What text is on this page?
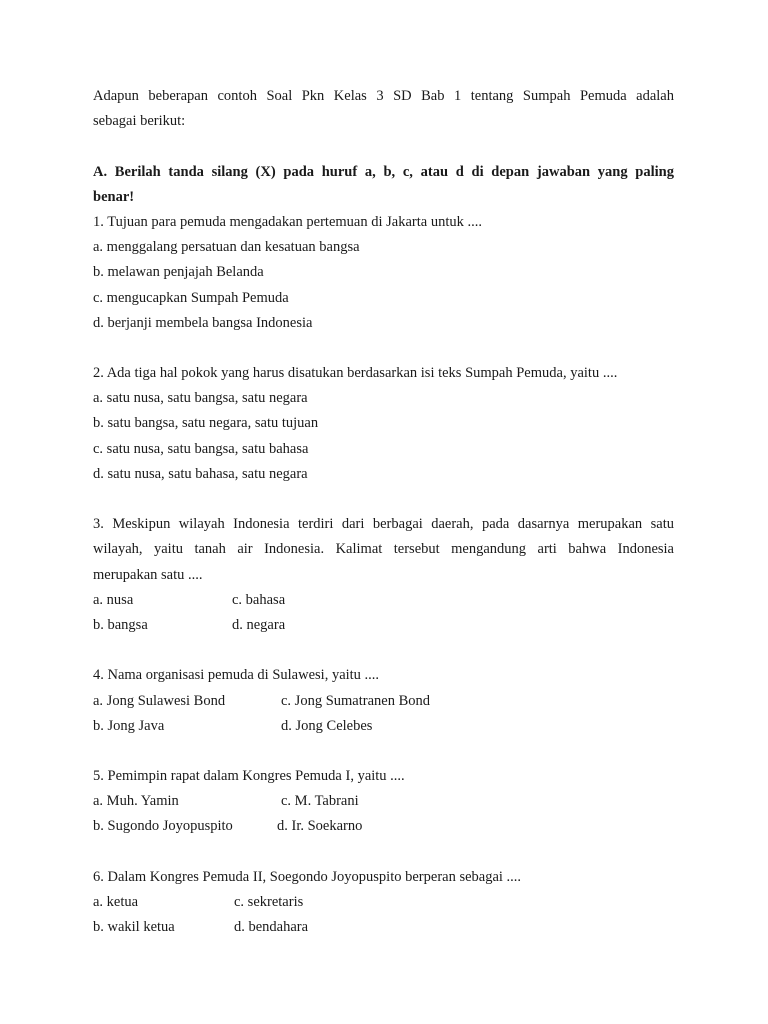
Adapun beberapan contoh Soal Pkn Kelas 3 SD Bab 1 tentang Sumpah Pemuda adalah
sebagai berikut:
A. Berilah tanda silang (X) pada huruf a, b, c, atau d di depan jawaban yang paling
benar!
1. Tujuan para pemuda mengadakan pertemuan di Jakarta untuk ....
a. menggalang persatuan dan kesatuan bangsa
b. melawan penjajah Belanda
c. mengucapkan Sumpah Pemuda
d. berjanji membela bangsa Indonesia
2. Ada tiga hal pokok yang harus disatukan berdasarkan isi teks Sumpah Pemuda, yaitu ....
a. satu nusa, satu bangsa, satu negara
b. satu bangsa, satu negara, satu tujuan
c. satu nusa, satu bangsa, satu bahasa
d. satu nusa, satu bahasa, satu negara
3. Meskipun wilayah Indonesia terdiri dari berbagai daerah, pada dasarnya merupakan satu
wilayah, yaitu tanah air Indonesia. Kalimat tersebut mengandung arti bahwa Indonesia
merupakan satu ....
a. nusa	c. bahasa
b. bangsa	d. negara
4. Nama organisasi pemuda di Sulawesi, yaitu ....
a. Jong Sulawesi Bond	c. Jong Sumatranen Bond
b. Jong Java	d. Jong Celebes
5. Pemimpin rapat dalam Kongres Pemuda I, yaitu ....
a. Muh. Yamin	c. M. Tabrani
b. Sugondo Joyopuspito	d. Ir. Soekarno
6. Dalam Kongres Pemuda II, Soegondo Joyopuspito berperan sebagai ....
a. ketua	c. sekretaris
b. wakil ketua	d. bendahara
